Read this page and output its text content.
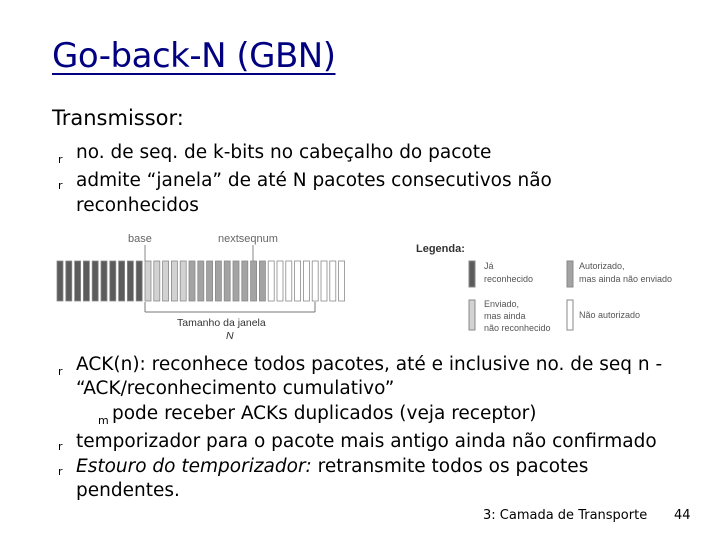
Go-back-N (GBN)
Transmissor:
r no. de seq. de k-bits no cabeçalho do pacote
r admite “janela” de até N pacotes consecutivos não
reconhecidos
base	nextseqnum
Tamanho da janela
N
Legenda:
Já
reconhecido
Autorizado,
mas ainda não enviado
Enviado,
mas ainda
não reconhecido
Não autorizado
r ACK(n): reconhece todos pacotes, até e inclusive no. de seq n -
“ACK/reconhecimento cumulativo”
m pode receber ACKs duplicados (veja receptor)
r temporizador para o pacote mais antigo ainda não confirmado
r Estouro do temporizador: retransmite todos os pacotes
pendentes.
3: Camada de Transporte 44
